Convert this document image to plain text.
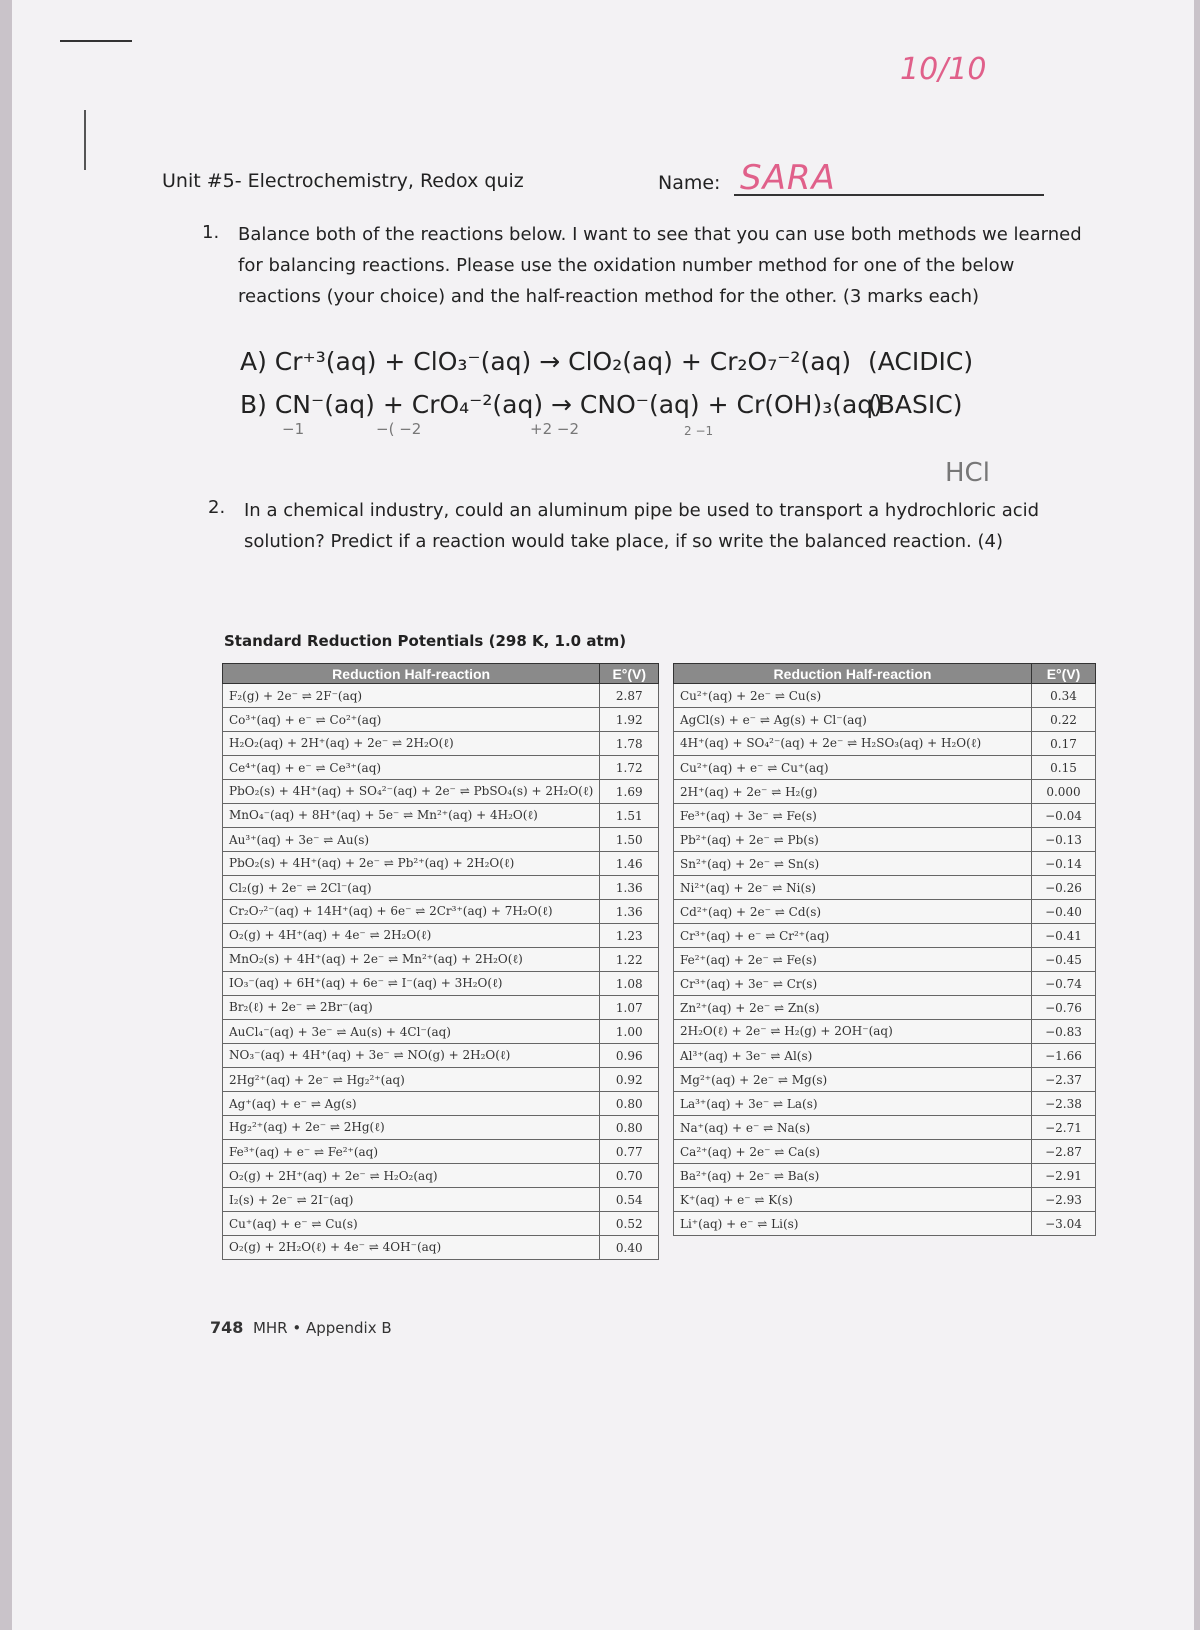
10/10
Unit #5- Electrochemistry, Redox quiz	Name: SARA
1. Balance both of the reactions below. I want to see that you can use both methods we learned for balancing reactions. Please use the oxidation number method for one of the below reactions (your choice) and the half-reaction method for the other. (3 marks each)
A) Cr⁺³(aq) + ClO₃⁻(aq) → ClO₂(aq) + Cr₂O₇⁻²(aq) (ACIDIC)
B) CN⁻(aq) + CrO₄⁻²(aq) → CNO⁻(aq) + Cr(OH)₃(aq)
(BASIC)
−1	−( −2	+2 −2	2 −1
HCl
2. In a chemical industry, could an aluminum pipe be used to transport a hydrochloric acid solution? Predict if a reaction would take place, if so write the balanced reaction. (4)
Standard Reduction Potentials (298 K, 1.0 atm)
Reduction Half-reaction	E°(V)
F₂(g) + 2e⁻ ⇌ 2F⁻(aq)	2.87
Co³⁺(aq) + e⁻ ⇌ Co²⁺(aq)	1.92
H₂O₂(aq) + 2H⁺(aq) + 2e⁻ ⇌ 2H₂O(ℓ)	1.78
Ce⁴⁺(aq) + e⁻ ⇌ Ce³⁺(aq)	1.72
PbO₂(s) + 4H⁺(aq) + SO₄²⁻(aq) + 2e⁻ ⇌ PbSO₄(s) + 2H₂O(ℓ)	1.69
MnO₄⁻(aq) + 8H⁺(aq) + 5e⁻ ⇌ Mn²⁺(aq) + 4H₂O(ℓ)	1.51
Au³⁺(aq) + 3e⁻ ⇌ Au(s)	1.50
PbO₂(s) + 4H⁺(aq) + 2e⁻ ⇌ Pb²⁺(aq) + 2H₂O(ℓ)	1.46
Cl₂(g) + 2e⁻ ⇌ 2Cl⁻(aq)	1.36
Cr₂O₇²⁻(aq) + 14H⁺(aq) + 6e⁻ ⇌ 2Cr³⁺(aq) + 7H₂O(ℓ)	1.36
O₂(g) + 4H⁺(aq) + 4e⁻ ⇌ 2H₂O(ℓ)	1.23
MnO₂(s) + 4H⁺(aq) + 2e⁻ ⇌ Mn²⁺(aq) + 2H₂O(ℓ)	1.22
IO₃⁻(aq) + 6H⁺(aq) + 6e⁻ ⇌ I⁻(aq) + 3H₂O(ℓ)	1.08
Br₂(ℓ) + 2e⁻ ⇌ 2Br⁻(aq)	1.07
AuCl₄⁻(aq) + 3e⁻ ⇌ Au(s) + 4Cl⁻(aq)	1.00
NO₃⁻(aq) + 4H⁺(aq) + 3e⁻ ⇌ NO(g) + 2H₂O(ℓ)	0.96
2Hg²⁺(aq) + 2e⁻ ⇌ Hg₂²⁺(aq)	0.92
Ag⁺(aq) + e⁻ ⇌ Ag(s)	0.80
Hg₂²⁺(aq) + 2e⁻ ⇌ 2Hg(ℓ)	0.80
Fe³⁺(aq) + e⁻ ⇌ Fe²⁺(aq)	0.77
O₂(g) + 2H⁺(aq) + 2e⁻ ⇌ H₂O₂(aq)	0.70
I₂(s) + 2e⁻ ⇌ 2I⁻(aq)	0.54
Cu⁺(aq) + e⁻ ⇌ Cu(s)	0.52
O₂(g) + 2H₂O(ℓ) + 4e⁻ ⇌ 4OH⁻(aq)	0.40
Reduction Half-reaction	E°(V)
Cu²⁺(aq) + 2e⁻ ⇌ Cu(s)	0.34
AgCl(s) + e⁻ ⇌ Ag(s) + Cl⁻(aq)	0.22
4H⁺(aq) + SO₄²⁻(aq) + 2e⁻ ⇌ H₂SO₃(aq) + H₂O(ℓ)	0.17
Cu²⁺(aq) + e⁻ ⇌ Cu⁺(aq)	0.15
2H⁺(aq) + 2e⁻ ⇌ H₂(g)	0.000
Fe³⁺(aq) + 3e⁻ ⇌ Fe(s)	−0.04
Pb²⁺(aq) + 2e⁻ ⇌ Pb(s)	−0.13
Sn²⁺(aq) + 2e⁻ ⇌ Sn(s)	−0.14
Ni²⁺(aq) + 2e⁻ ⇌ Ni(s)	−0.26
Cd²⁺(aq) + 2e⁻ ⇌ Cd(s)	−0.40
Cr³⁺(aq) + e⁻ ⇌ Cr²⁺(aq)	−0.41
Fe²⁺(aq) + 2e⁻ ⇌ Fe(s)	−0.45
Cr³⁺(aq) + 3e⁻ ⇌ Cr(s)	−0.74
Zn²⁺(aq) + 2e⁻ ⇌ Zn(s)	−0.76
2H₂O(ℓ) + 2e⁻ ⇌ H₂(g) + 2OH⁻(aq)	−0.83
Al³⁺(aq) + 3e⁻ ⇌ Al(s)	−1.66
Mg²⁺(aq) + 2e⁻ ⇌ Mg(s)	−2.37
La³⁺(aq) + 3e⁻ ⇌ La(s)	−2.38
Na⁺(aq) + e⁻ ⇌ Na(s)	−2.71
Ca²⁺(aq) + 2e⁻ ⇌ Ca(s)	−2.87
Ba²⁺(aq) + 2e⁻ ⇌ Ba(s)	−2.91
K⁺(aq) + e⁻ ⇌ K(s)	−2.93
Li⁺(aq) + e⁻ ⇌ Li(s)	−3.04
748 MHR • Appendix B
